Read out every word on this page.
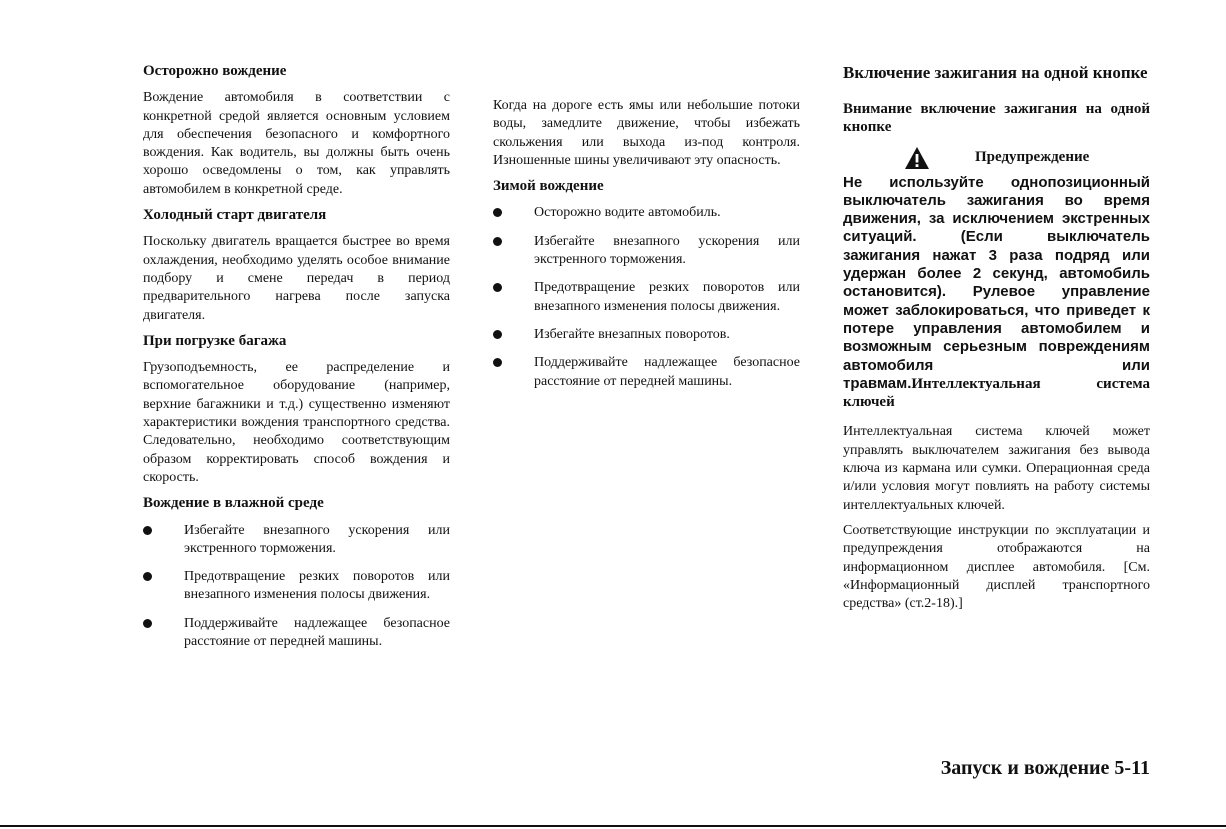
Осторожно вождение
Вождение автомобиля в соответствии с конкретной средой является основным условием для обеспечения безопасного и комфортного вождения. Как водитель, вы должны быть очень хорошо осведомлены о том, как управлять автомобилем в конкретной среде.
Холодный старт двигателя
Поскольку двигатель вращается быстрее во время охлаждения, необходимо уделять особое внимание подбору и смене передач в период предварительного нагрева после запуска двигателя.
При погрузке багажа
Грузоподъемность, ее распределение и вспомогательное оборудование (например, верхние багажники и т.д.) существенно изменяют характеристики вождения транспортного средства. Следовательно, необходимо соответствующим образом корректировать способ вождения и скорость.
Вождение в влажной среде
Избегайте внезапного ускорения или экстренного торможения.
Предотвращение резких поворотов или внезапного изменения полосы движения.
Поддерживайте надлежащее безопасное расстояние от передней машины.
Когда на дороге есть ямы или небольшие потоки воды, замедлите движение, чтобы избежать скольжения или выхода из-под контроля. Изношенные шины увеличивают эту опасность.
Зимой вождение
Осторожно водите автомобиль.
Избегайте внезапного ускорения или экстренного торможения.
Предотвращение резких поворотов или внезапного изменения полосы движения.
Избегайте внезапных поворотов.
Поддерживайте надлежащее безопасное расстояние от передней машины.
Включение зажигания на одной кнопке
Внимание включение зажигания на одной кнопке
Предупреждение
Не используйте однопозиционный выключатель зажигания во время движения, за исключением экстренных ситуаций. (Если выключатель зажигания нажат 3 раза подряд или удержан более 2 секунд, автомобиль остановится). Рулевое управление может заблокироваться, что приведет к потере управления автомобилем и возможным серьезным повреждениям автомобиля или травмам.Интеллектуальная система ключей
Интеллектуальная система ключей может управлять выключателем зажигания без вывода ключа из кармана или сумки. Операционная среда и/или условия могут повлиять на работу системы интеллектуальных ключей.
Соответствующие инструкции по эксплуатации и предупреждения отображаются на информационном дисплее автомобиля. [См. «Информационный дисплей транспортного средства» (ст.2-18).]
Запуск и вождение 5-11
